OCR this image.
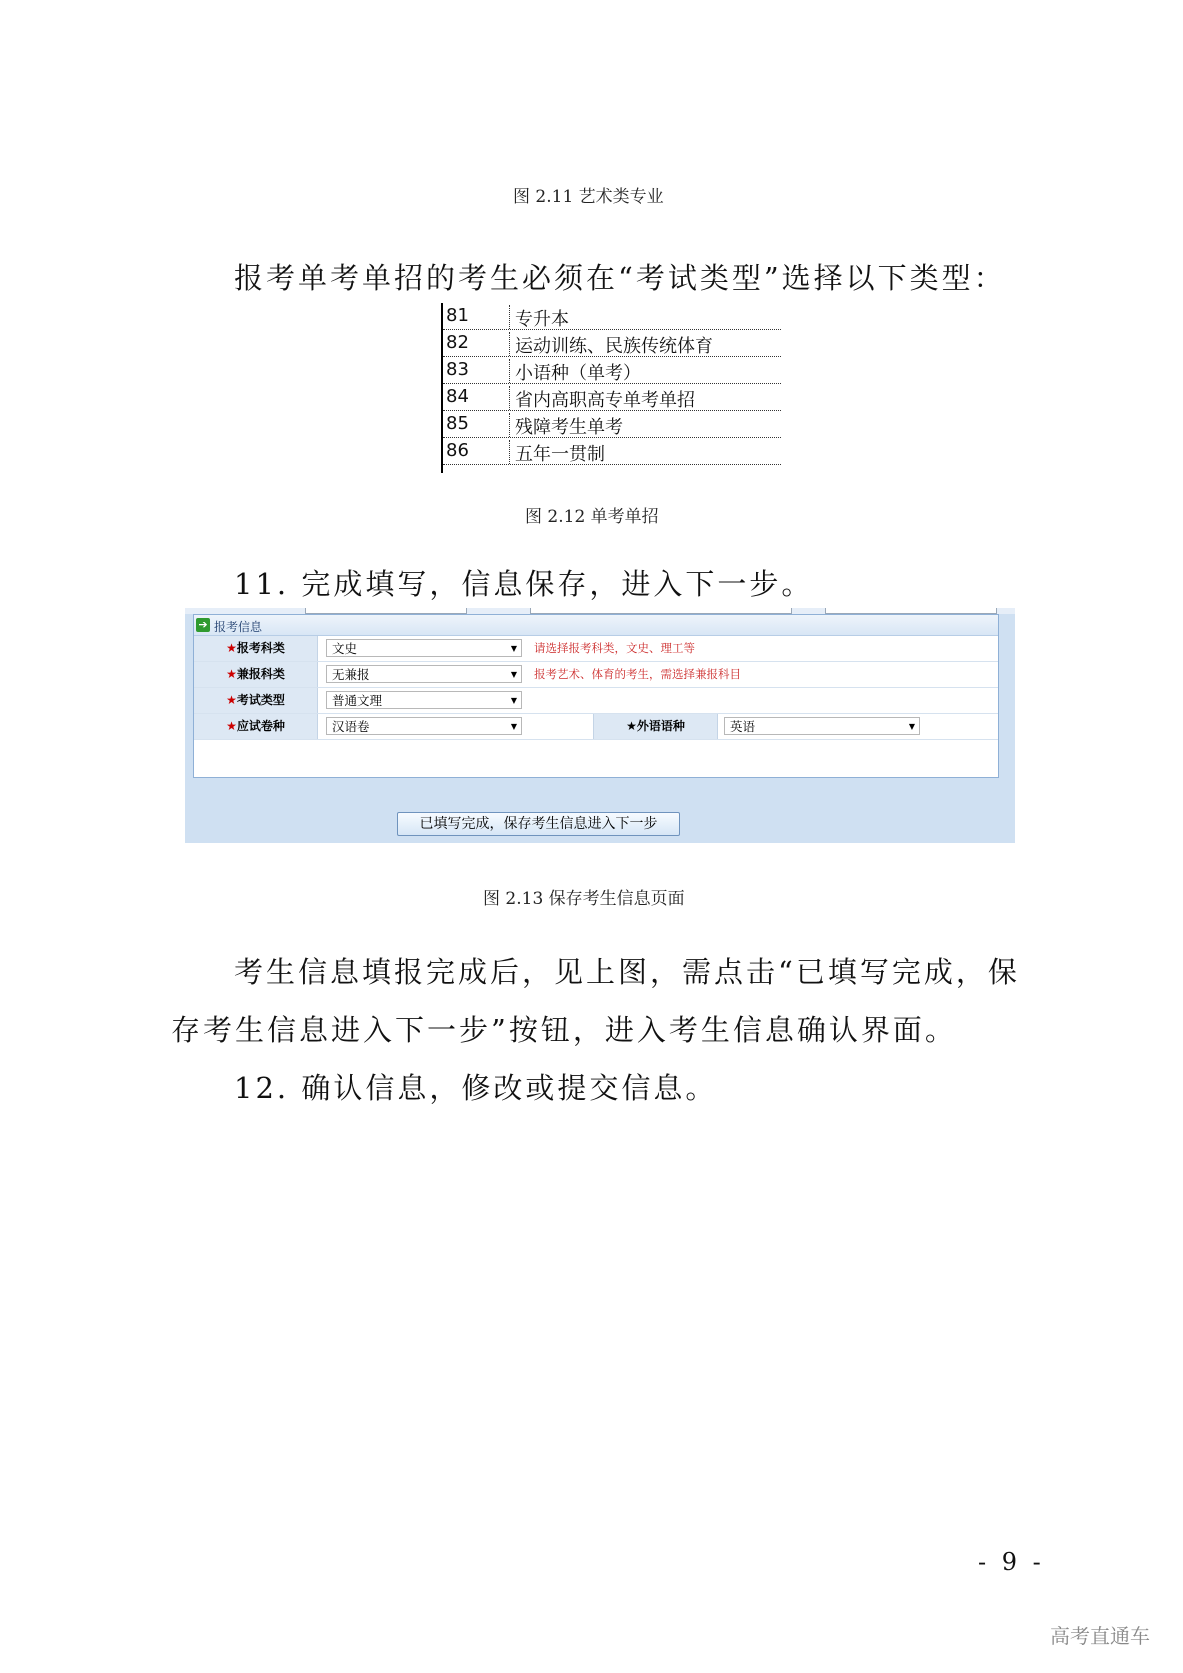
图 2.11 艺术类专业
报考单考单招的考生必须在“考试类型”选择以下类型：
81	专升本
82	运动训练、民族传统体育
83	小语种（单考）
84	省内高职高专单考单招
85	残障考生单考
86	五年一贯制
图 2.12 单考单招
11. 完成填写，信息保存，进入下一步。
➔ 报考信息
★报考科类	文史	▼ 请选择报考科类，文史、理工等
★兼报科类	无兼报	▼ 报考艺术、体育的考生，需选择兼报科目
★考试类型	普通文理	▼
★应试卷种	汉语卷	▼	★外语语种	英语	▼
已填写完成，保存考生信息进入下一步
图 2.13 保存考生信息页面
考生信息填报完成后，见上图，需点击“已填写完成，保
存考生信息进入下一步”按钮，进入考生信息确认界面。
12. 确认信息，修改或提交信息。
- 9 -
高考直通车
